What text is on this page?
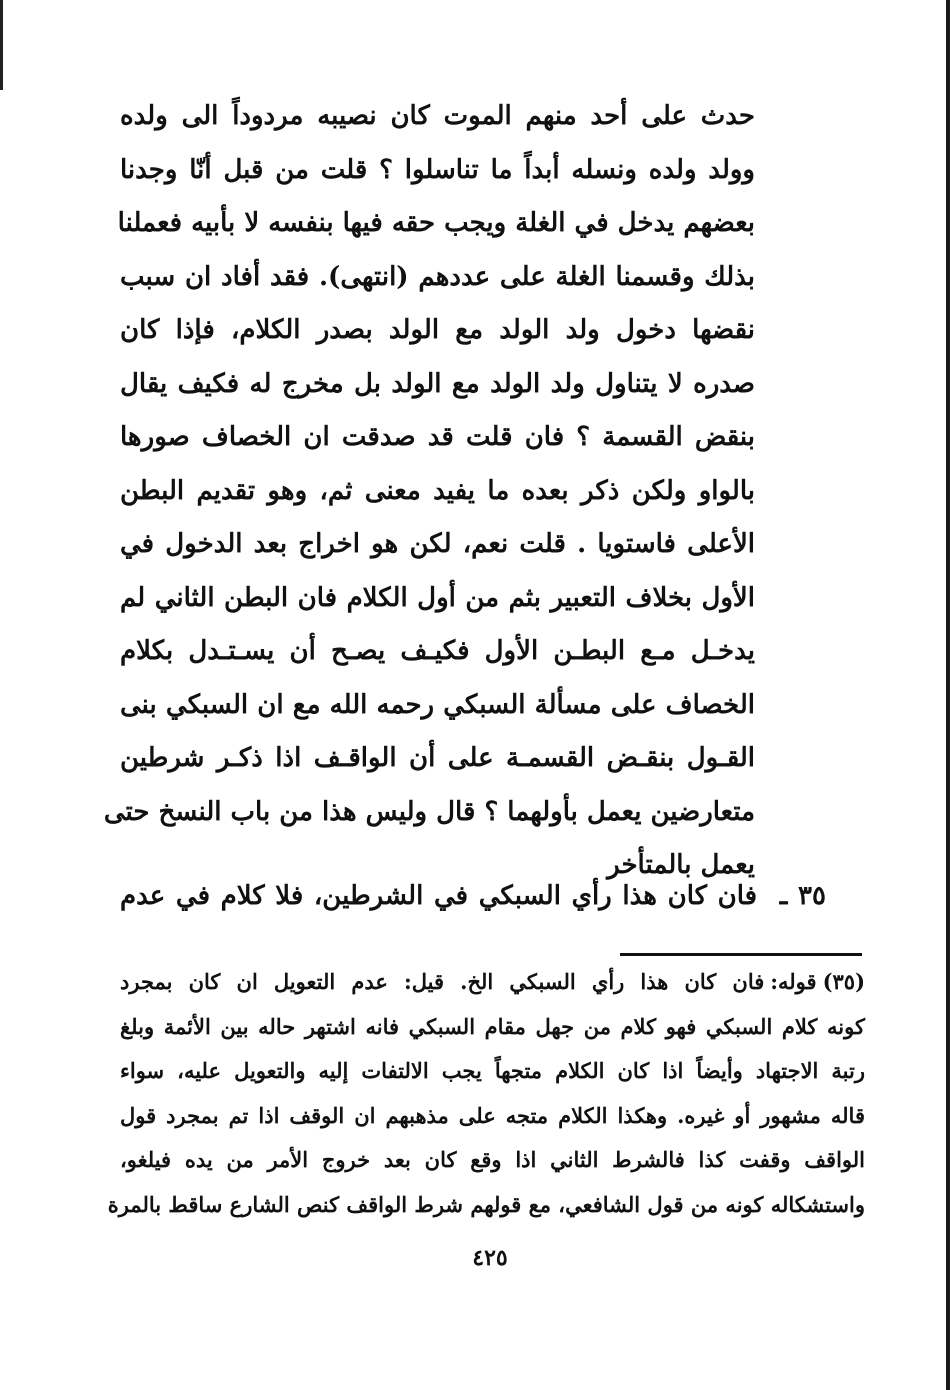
حدث على أحد منهم الموت كان نصيبه مردوداً الى ولده
وولد ولده ونسله أبداً ما تناسلوا ؟ قلت من قبل أنّا وجدنا
بعضهم يدخل في الغلة ويجب حقه فيها بنفسه لا بأبيه فعملنا
بذلك وقسمنا الغلة على عددهم (انتهى). فقد أفاد ان سبب
نقضها دخول ولد الولد مع الولد بصدر الكلام، فإذا كان
صدره لا يتناول ولد الولد مع الولد بل مخرج له فكيف يقال
بنقض القسمة ؟ فان قلت قد صدقت ان الخصاف صورها
بالواو ولكن ذكر بعده ما يفيد معنى ثم، وهو تقديم البطن
الأعلى فاستويا . قلت نعم، لكن هو اخراج بعد الدخول في
الأول بخلاف التعبير بثم من أول الكلام فان البطن الثاني لم
يدخـل مـع البطـن الأول فكيـف يصـح أن يسـتـدل بكلام
الخصاف على مسألة السبكي رحمه الله مع ان السبكي بنى
القـول بنقـض القسمـة على أن الواقـف اذا ذكـر شرطين
متعارضين يعمل بأولهما ؟ قال وليس هذا من باب النسخ حتى
يعمل بالمتأخر
٣٥ ـ فان كان هذا رأي السبكي في الشرطين، فلا كلام في عدم
(٣٥)قوله:فان كان هذا رأي السبكي الخ. قيل: عدم التعويل ان كان بمجرد
كونه كلام السبكي فهو كلام من جهل مقام السبكي فانه اشتهر حاله بين الأئمة وبلغ
رتبة الاجتهاد وأيضاً اذا كان الكلام متجهاً يجب الالتفات إليه والتعويل عليه، سواء
قاله مشهور أو غيره. وهكذا الكلام متجه على مذهبهم ان الوقف اذا تم بمجرد قول
الواقف وقفت كذا فالشرط الثاني اذا وقع كان بعد خروج الأمر من يده فيلغو،
واستشكاله كونه من قول الشافعي، مع قولهم شرط الواقف كنص الشارع ساقط بالمرة
٤٢٥
